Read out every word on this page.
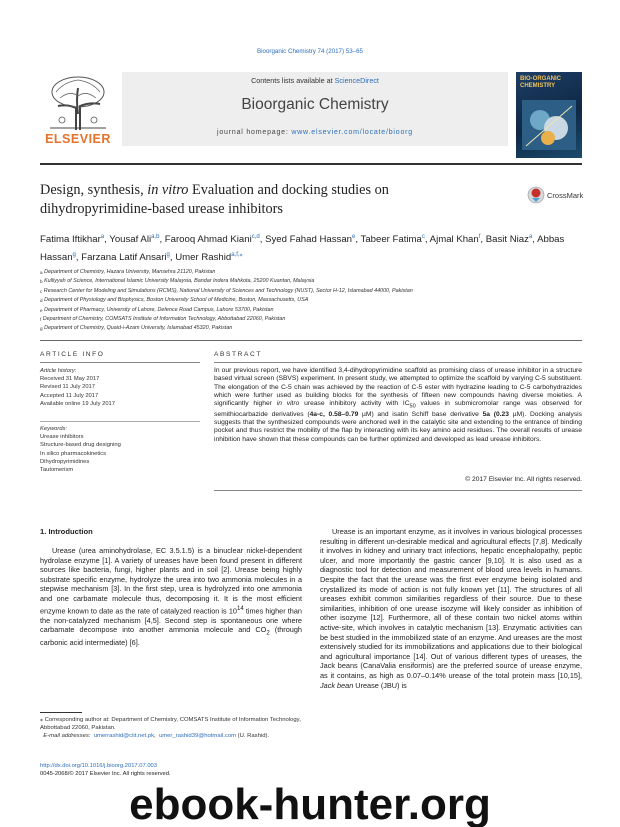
Bioorganic Chemistry 74 (2017) 53–65
ELSEVIER
Contents lists available at ScienceDirect
Bioorganic Chemistry
journal homepage: www.elsevier.com/locate/bioorg
BIO-ORGANIC CHEMISTRY
Design, synthesis, in vitro Evaluation and docking studies on
dihydropyrimidine-based urease inhibitors
CrossMark
Fatima Iftikhar$^a$, Yousaf Ali$^{a,b}$, Farooq Ahmad Kiani$^{c,d}$, Syed Fahad Hassan$^e$, Tabeer Fatima$^c$, Ajmal Khan$^f$, Basit Niaz$^a$, Abbas Hassan$^g$, Farzana Latif Ansari$^g$, Umer Rashid$^{a,f,⁎}$
a Department of Chemistry, Hazara University, Mansehra 21120, Pakistan
b Kulliyyah of Science, International Islamic University Malaysia, Bandar Indera Mahkota, 25200 Kuantan, Malaysia
c Research Center for Modeling and Simulations (RCMS), National University of Sciences and Technology (NUST), Sector H-12, Islamabad 44000, Pakistan
d Department of Physiology and Biophysics, Boston University School of Medicine, Boston, Massachusetts, USA
e Department of Pharmacy, University of Lahore, Defence Road Campus, Lahore 53700, Pakistan
f Department of Chemistry, COMSATS Institute of Information Technology, Abbottabad 22060, Pakistan
g Department of Chemistry, Quaid-i-Azam University, Islamabad 45320, Pakistan
ARTICLE INFO	ABSTRACT
Article history:
Received 31 May 2017
Revised 11 July 2017
Accepted 11 July 2017
Available online 19 July 2017
Keywords:
Urease inhibitors
Structure-based drug designing
In silico pharmacokinetics
Dihydropyrimidines
Tautomerism
In our previous report, we have identified 3,4-dihydropyrimidine scaffold as promising class of urease inhibitor in a structure based virtual screen (SBVS) experiment. In present study, we attempted to optimize the scaffold by varying C-5 substituent. The elongation of the C-5 chain was achieved by the reaction of C-5 ester with hydrazine leading to C-5 carbohydrazides which were further used as building blocks for the synthesis of fifteen new compounds having diverse moieties. A significantly higher in vitro urease inhibitory activity with $IC_{50}$ values in submicromolar range was observed for semithiocarbazide derivatives (4a-c, 0.58–0.79 µM) and isatin Schiff base derivative 5a (0.23 µM). Docking analysis suggests that the synthesized compounds were anchored well in the catalytic site and extending to the entrance of binding pocket and thus restrict the mobility of the flap by interacting with its key amino acid residues. The overall results of urease inhibition have shown that these compounds can be further optimized and developed as lead urease inhibitors.
© 2017 Elsevier Inc. All rights reserved.
1. Introduction

Urease (urea aminohydrolase, EC 3.5.1.5) is a binuclear nickel-dependent hydrolase enzyme [1]. A variety of ureases have been found present in different sources like bacteria, fungi, higher plants and in soil [2]. Urease being highly substrate specific enzyme, hydrolyze the urea into two ammonia molecules in a stepwise mechanism [3]. In the first step, urea is hydrolyzed into one ammonia and one carbamate molecule thus, decomposing it. It is the most efficient enzyme known to date as the rate of catalyzed reaction is $10^{14}$ times higher than the non-catalyzed mechanism [4,5]. Second step is spontaneous one where carbamate decompose into another ammonia molecule and $CO_2$ (through carbonic acid intermediate) [6].

Urease is an important enzyme, as it involves in various biological processes resulting in different un-desirable medical and agricultural effects [7,8]. Medically it involves in kidney and urinary tract infections, hepatic encephalopathy, peptic ulcer, and more importantly the gastric cancer [9,10]. It is also used as a diagnostic tool for detection and measurement of blood urea levels in humans. Despite the fact that the urease was the first ever enzyme being isolated and crystallized its mode of action is not fully known yet [11]. The structures of all ureases exhibit common similarities regardless of their source. Due to these similarities, inhibition of one urease isozyme will likely consider as inhibition of other isozyme [12]. Furthermore, all of these contain two nickel atoms within active-site, which involves in catalytic mechanism [13]. Enzymatic activities can be best studied in the immobilized state of an enzyme. And ureases are the most extensively studied for its immobilizations and applications due to their biological and agricultural importance [14]. Out of various different types of ureases, the Jack beans (CanaValia ensiformis) are the preferred source of urease enzyme, as it contains, as high as 0.07–0.14% urease of the total protein mass [10,15], Jack bean Urease (JBU) is

⁎ Corresponding author at: Department of Chemistry, COMSATS Institute of Information Technology, Abbottabad 22060, Pakistan.
E-mail addresses: umerrashid@ciit.net.pk,  umer_rashid39@hotmail.com (U. Rashid).
http://dx.doi.org/10.1016/j.bioorg.2017.07.003
0045-2068/© 2017 Elsevier Inc. All rights reserved.
ebook-hunter.org
